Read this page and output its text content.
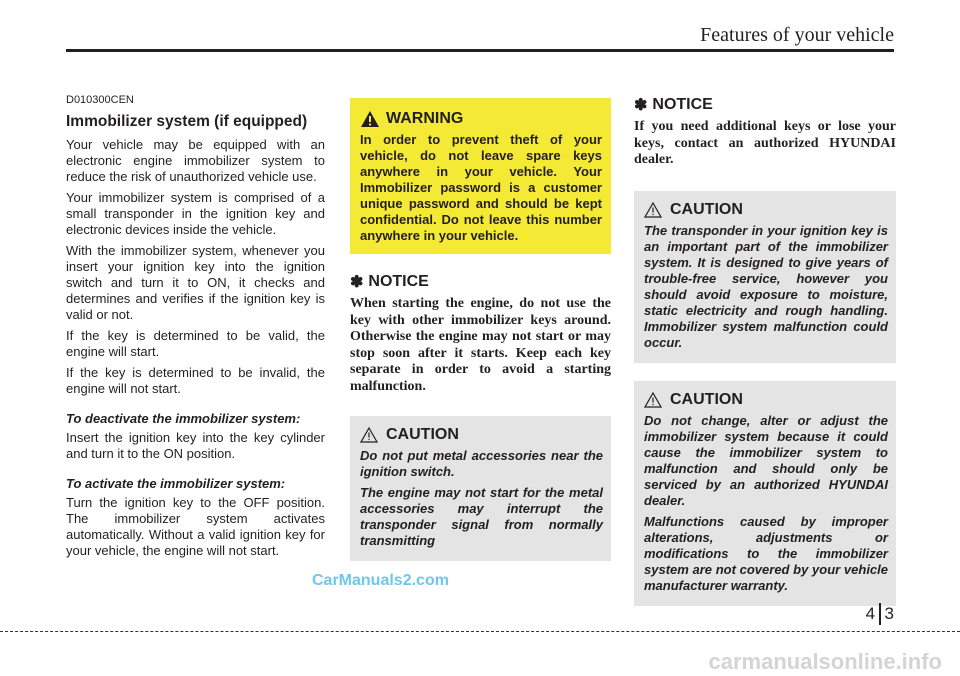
Features of your vehicle
D010300CEN
Immobilizer system (if equipped)

Your vehicle may be equipped with an electronic engine immobilizer system to reduce the risk of unauthorized vehicle use.

Your immobilizer system is comprised of a small transponder in the ignition key and electronic devices inside the vehicle.

With the immobilizer system, whenever you insert your ignition key into the ignition switch and turn it to ON, it checks and determines and verifies if the ignition key is valid or not.

If the key is determined to be valid, the engine will start.

If the key is determined to be invalid, the engine will not start.

To deactivate the immobilizer system:

Insert the ignition key into the key cylinder and turn it to the ON position.

To activate the immobilizer system:

Turn the ignition key to the OFF position. The immobilizer system activates automatically. Without a valid ignition key for your vehicle, the engine will not start.

WARNING
In order to prevent theft of your vehicle, do not leave spare keys anywhere in your vehicle. Your Immobilizer password is a customer unique password and should be kept confidential. Do not leave this number anywhere in your vehicle.
✽ NOTICE

When starting the engine, do not use the key with other immobilizer keys around. Otherwise the engine may not start or may stop soon after it starts. Keep each key separate in order to avoid a starting malfunction.

CAUTION

Do not put metal accessories near the ignition switch.

The engine may not start for the metal accessories may interrupt the transponder signal from normally transmitting

✽ NOTICE

If you need additional keys or lose your keys, contact an authorized HYUNDAI dealer.

CAUTION

The transponder in your ignition key is an important part of the immobilizer system. It is designed to give years of trouble-free service, however you should avoid exposure to moisture, static electricity and rough handling. Immobilizer system malfunction could occur.

CAUTION

Do not change, alter or adjust the immobilizer system because it could cause the immobilizer system to malfunction and should only be serviced by an authorized HYUNDAI dealer.

Malfunctions caused by improper alterations, adjustments or modifications to the immobilizer system are not covered by your vehicle manufacturer warranty.

CarManuals2.com
4 3
carmanualsonline.info
